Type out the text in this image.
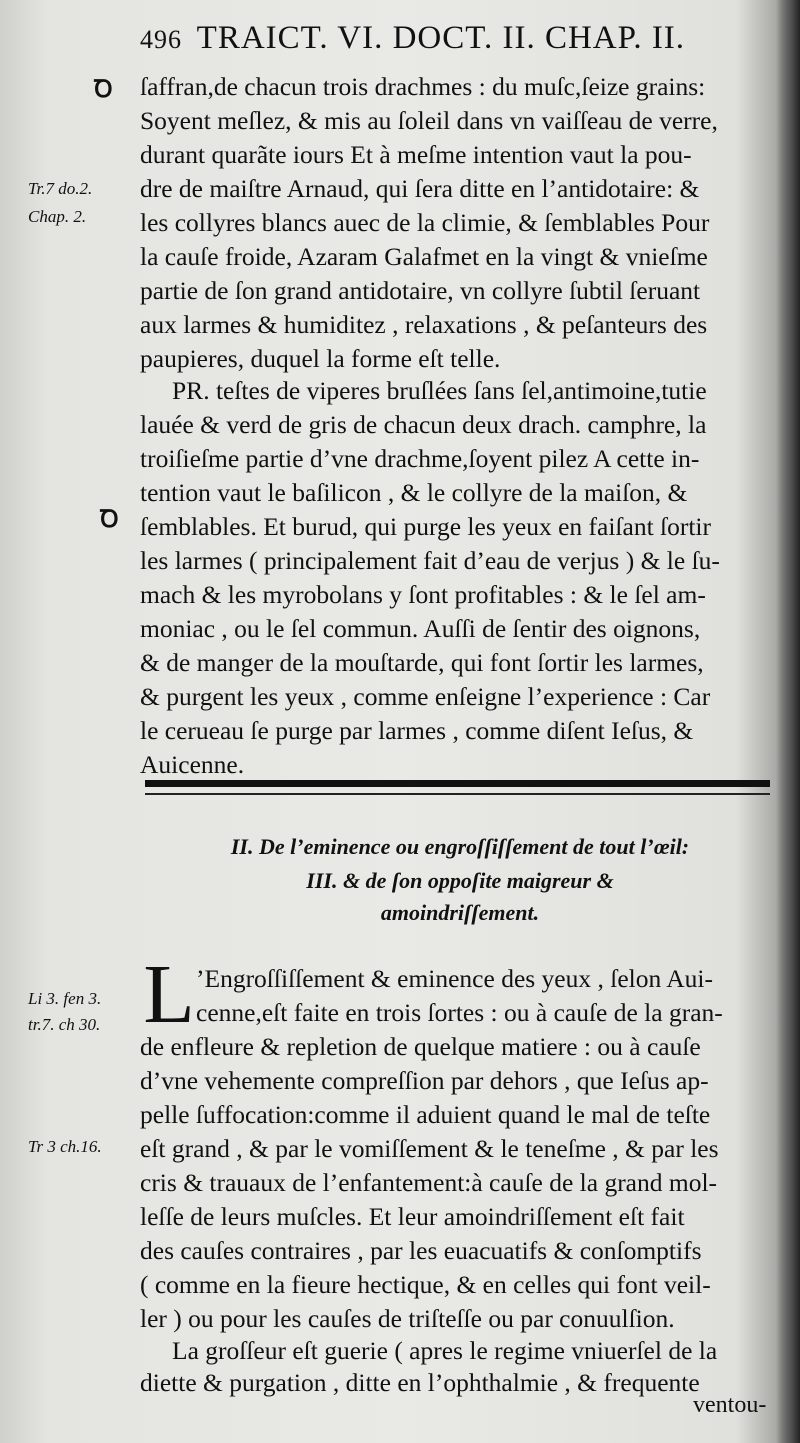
496 TRAICT. VI. DOCT. II. CHAP. II.
Ꝺ
Ꝺ
Tr.7 do.2.
Chap. 2.
Li 3. fen 3.
tr.7. ch 30.
Tr 3 ch.16.
ſaffran,de chacun trois drachmes : du muſc,ſeize grains:
Soyent meſlez, & mis au ſoleil dans vn vaiſſeau de verre,
durant quarãte iours Et à meſme intention vaut la pou-
dre de maiſtre Arnaud, qui ſera ditte en l’antidotaire: &
les collyres blancs auec de la climie, & ſemblables Pour
la cauſe froide, Azaram Galafmet en la vingt & vnieſme
partie de ſon grand antidotaire, vn collyre ſubtil ſeruant
aux larmes & humiditez , relaxations , & peſanteurs des
paupieres, duquel la forme eſt telle.
PR. teſtes de viperes bruſlées ſans ſel,antimoine,tutie
lauée & verd de gris de chacun deux drach. camphre, la
troiſieſme partie d’vne drachme,ſoyent pilez A cette in-
tention vaut le baſilicon , & le collyre de la maiſon, &
ſemblables. Et burud, qui purge les yeux en faiſant ſortir
les larmes ( principalement fait d’eau de verjus ) & le ſu-
mach & les myrobolans y ſont profitables : & le ſel am-
moniac , ou le ſel commun. Auſſi de ſentir des oignons,
& de manger de la mouſtarde, qui font ſortir les larmes,
& purgent les yeux , comme enſeigne l’experience : Car
le cerueau ſe purge par larmes , comme diſent Ieſus, &
Auicenne.
II. De l’eminence ou engroſſiſſement de tout l’œil:
III. & de ſon oppoſite maigreur &
amoindriſſement.
L ’Engroſſiſſement & eminence des yeux , ſelon Aui-
cenne,eſt faite en trois ſortes : ou à cauſe de la gran-
de enfleure & repletion de quelque matiere : ou à cauſe
d’vne vehemente compreſſion par dehors , que Ieſus ap-
pelle ſuffocation:comme il aduient quand le mal de teſte
eſt grand , & par le vomiſſement & le teneſme , & par les
cris & trauaux de l’enfantement:à cauſe de la grand mol-
leſſe de leurs muſcles. Et leur amoindriſſement eſt fait
des cauſes contraires , par les euacuatifs & conſomptifs
( comme en la fieure hectique, & en celles qui font veil-
ler ) ou pour les cauſes de triſteſſe ou par conuulſion.
La groſſeur eſt guerie ( apres le regime vniuerſel de la
diette & purgation , ditte en l’ophthalmie , & frequente
ventou-
